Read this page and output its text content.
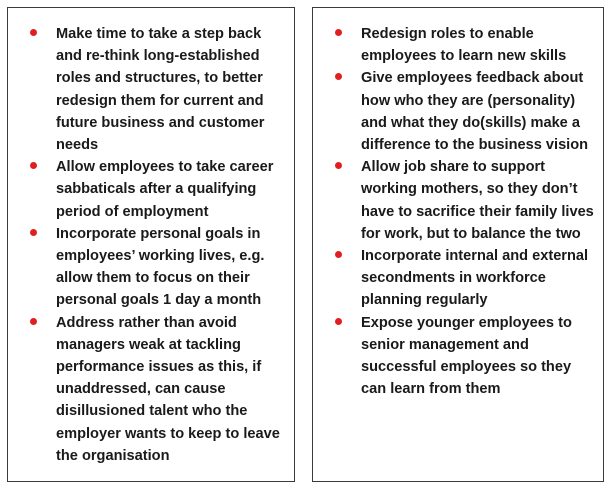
Make time to take a step back and re-think long-established roles and structures, to better redesign them for current and future business and customer needs
Allow employees to take career sabbaticals after a qualifying period of employment
Incorporate personal goals in employees’ working lives, e.g. allow them to focus on their personal goals 1 day a month
Address rather than avoid managers weak at tackling performance issues as this, if unaddressed, can cause disillusioned talent who the employer wants to keep to leave the organisation
Redesign roles to enable employees to learn new skills
Give employees feedback about how who they are (personality) and what they do(skills) make a difference to the business vision
Allow job share to support working mothers, so they don’t have to sacrifice their family lives for work, but to balance the two
Incorporate internal and external secondments in workforce planning regularly
Expose younger employees to senior management and successful employees so they can learn from them
